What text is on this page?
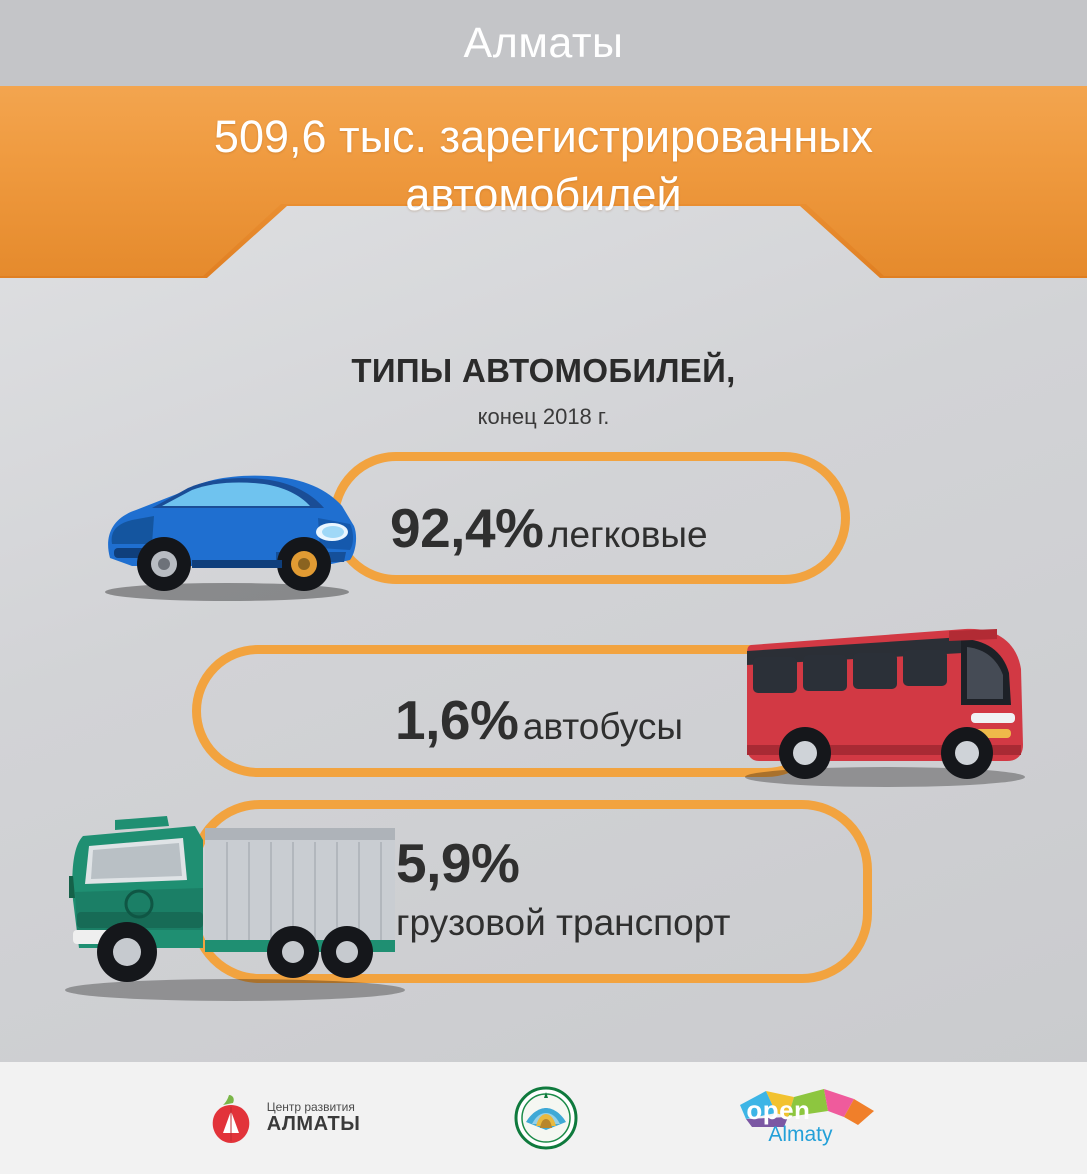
Алматы
509,6 тыс. зарегистрированных автомобилей
ТИПЫ АВТОМОБИЛЕЙ,
конец 2018 г.
92,4% легковые
1,6% автобусы
5,9%
грузовой транспорт
Центр развития
АЛМАТЫ	open
Almaty
